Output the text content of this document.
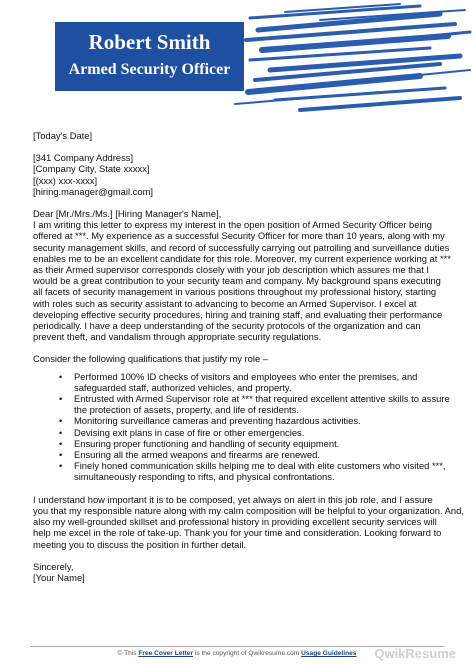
Robert Smith
Armed Security Officer
[Today's Date]
[341 Company Address]
[Company City, State xxxxx]
[(xxx) xxx-xxxx]
[hiring.manager@gmail.com]
Dear [Mr./Mrs./Ms.] [Hiring Manager's Name],
I am writing this letter to express my interest in the open position of Armed Security Officer being
offered at ***. My experience as a successful Security Officer for more than 10 years, along with my
security management skills, and record of successfully carrying out patrolling and surveillance duties
enables me to be an excellent candidate for this role. Moreover, my current experience working at ***
as their Armed supervisor corresponds closely with your job description which assures me that I
would be a great contribution to your security team and company. My background spans executing
all facets of security management in various positions throughout my professional history, starting
with roles such as security assistant to advancing to become an Armed Supervisor. I excel at
developing effective security procedures, hiring and training staff, and evaluating their performance
periodically. I have a deep understanding of the security protocols of the organization and can
prevent theft, and vandalism through appropriate security regulations.
Consider the following qualifications that justify my role –
• Performed 100% ID checks of visitors and employees who enter the premises, and
safeguarded staff, authorized vehicles, and property.
• Entrusted with Armed Supervisor role at *** that required excellent attentive skills to assure
the protection of assets, property, and life of residents.
• Monitoring surveillance cameras and preventing hazardous activities.
• Devising exit plans in case of fire or other emergencies.
• Ensuring proper functioning and handling of security equipment.
• Ensuring all the armed weapons and firearms are renewed.
• Finely honed communication skills helping me to deal with elite customers who visited ***,
simultaneously responding to rifts, and physical confrontations.
I understand how important it is to be composed, yet always on alert in this job role, and I assure
you that my responsible nature along with my calm composition will be helpful to your organization. And,
also my well-grounded skillset and professional history in providing excellent security services will
help me excel in the role of take-up. Thank you for your time and consideration. Looking forward to
meeting you to discuss the position in further detail.
Sincerely,
[Your Name]
© This Free Cover Letter is the copyright of Qwikresume.com Usage Guidelines	QwikResume
